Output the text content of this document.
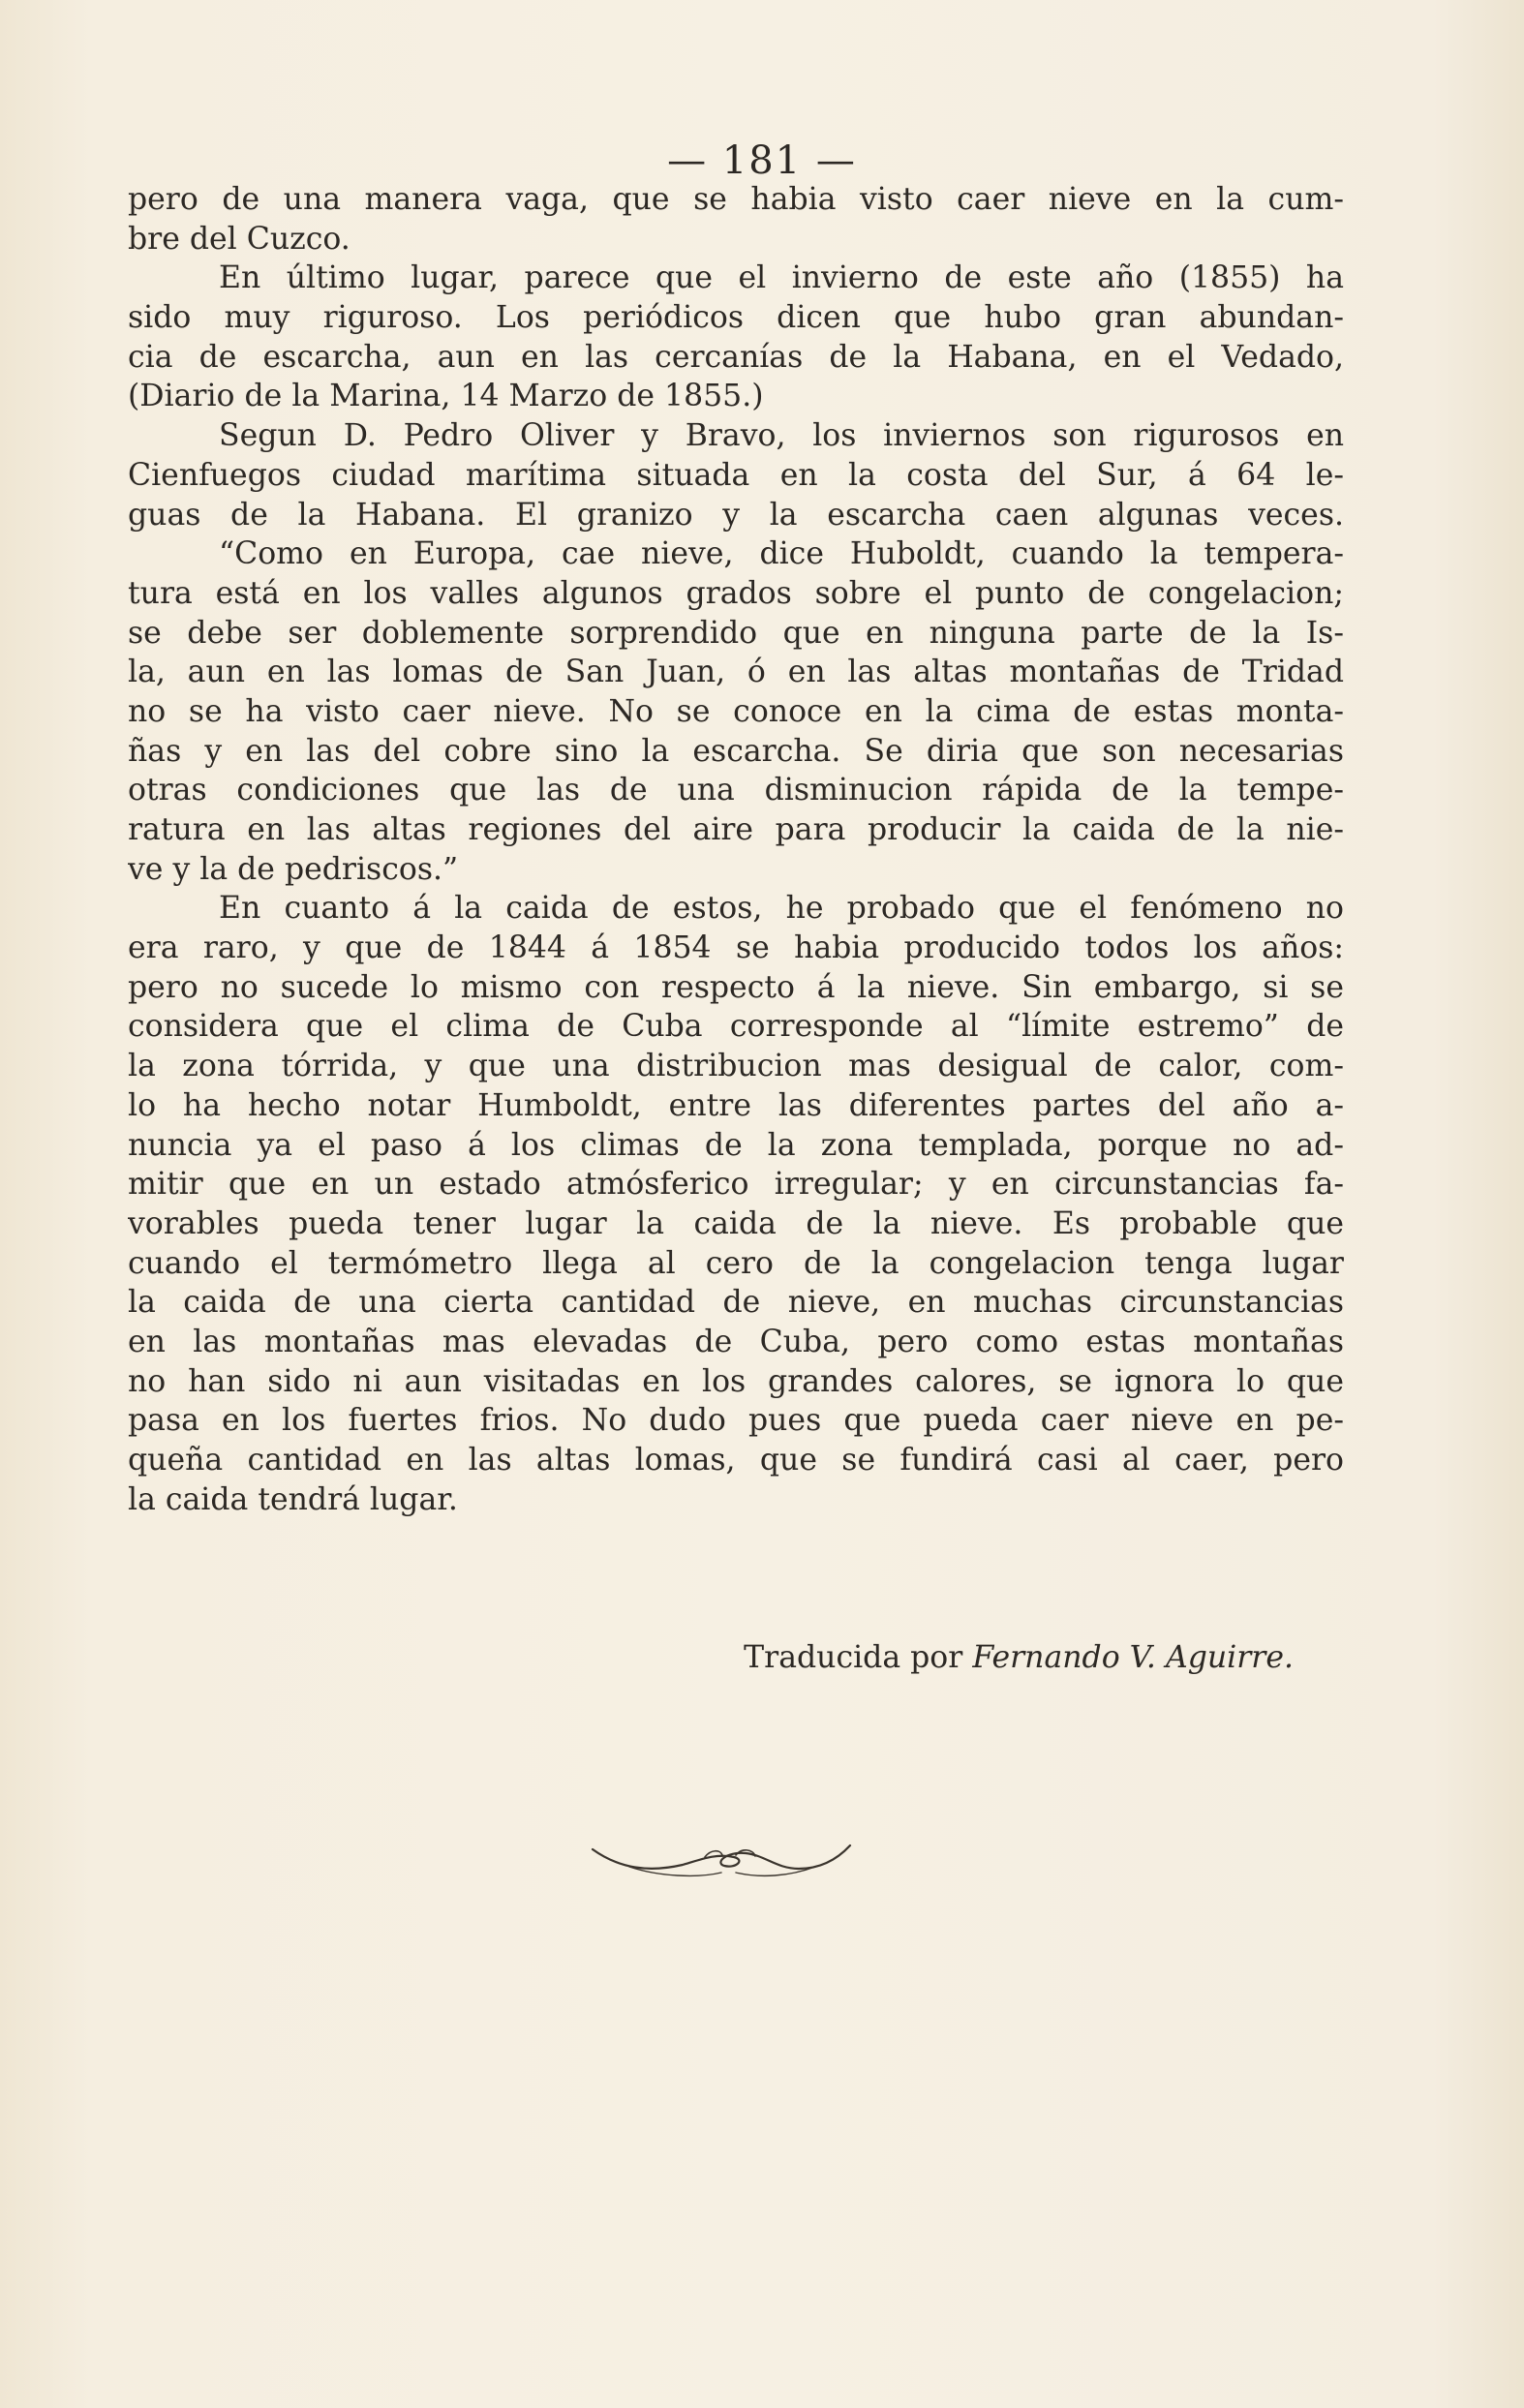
— 181 —
pero de una manera vaga, que se habia visto caer nieve en la cum-
bre del Cuzco.
En último lugar, parece que el invierno de este año (1855) ha
sido muy riguroso. Los periódicos dicen que hubo gran abundan-
cia de escarcha, aun en las cercanías de la Habana, en el Vedado,
(Diario de la Marina, 14 Marzo de 1855.)
Segun D. Pedro Oliver y Bravo, los inviernos son rigurosos en
Cienfuegos ciudad marítima situada en la costa del Sur, á 64 le-
guas de la Habana. El granizo y la escarcha caen algunas veces.
“Como en Europa, cae nieve, dice Huboldt, cuando la tempera-
tura está en los valles algunos grados sobre el punto de congelacion;
se debe ser doblemente sorprendido que en ninguna parte de la Is-
la, aun en las lomas de San Juan, ó en las altas montañas de Tridad
no se ha visto caer nieve. No se conoce en la cima de estas monta-
ñas y en las del cobre sino la escarcha. Se diria que son necesarias
otras condiciones que las de una disminucion rápida de la tempe-
ratura en las altas regiones del aire para producir la caida de la nie-
ve y la de pedriscos.”
En cuanto á la caida de estos, he probado que el fenómeno no
era raro, y que de 1844 á 1854 se habia producido todos los años:
pero no sucede lo mismo con respecto á la nieve. Sin embargo, si se
considera que el clima de Cuba corresponde al “límite estremo” de
la zona tórrida, y que una distribucion mas desigual de calor, com-
lo ha hecho notar Humboldt, entre las diferentes partes del año a-
nuncia ya el paso á los climas de la zona templada, porque no ad-
mitir que en un estado atmósferico irregular; y en circunstancias fa-
vorables pueda tener lugar la caida de la nieve. Es probable que
cuando el termómetro llega al cero de la congelacion tenga lugar
la caida de una cierta cantidad de nieve, en muchas circunstancias
en las montañas mas elevadas de Cuba, pero como estas montañas
no han sido ni aun visitadas en los grandes calores, se ignora lo que
pasa en los fuertes frios. No dudo pues que pueda caer nieve en pe-
queña cantidad en las altas lomas, que se fundirá casi al caer, pero
la caida tendrá lugar.
Traducida por Fernando V. Aguirre.
